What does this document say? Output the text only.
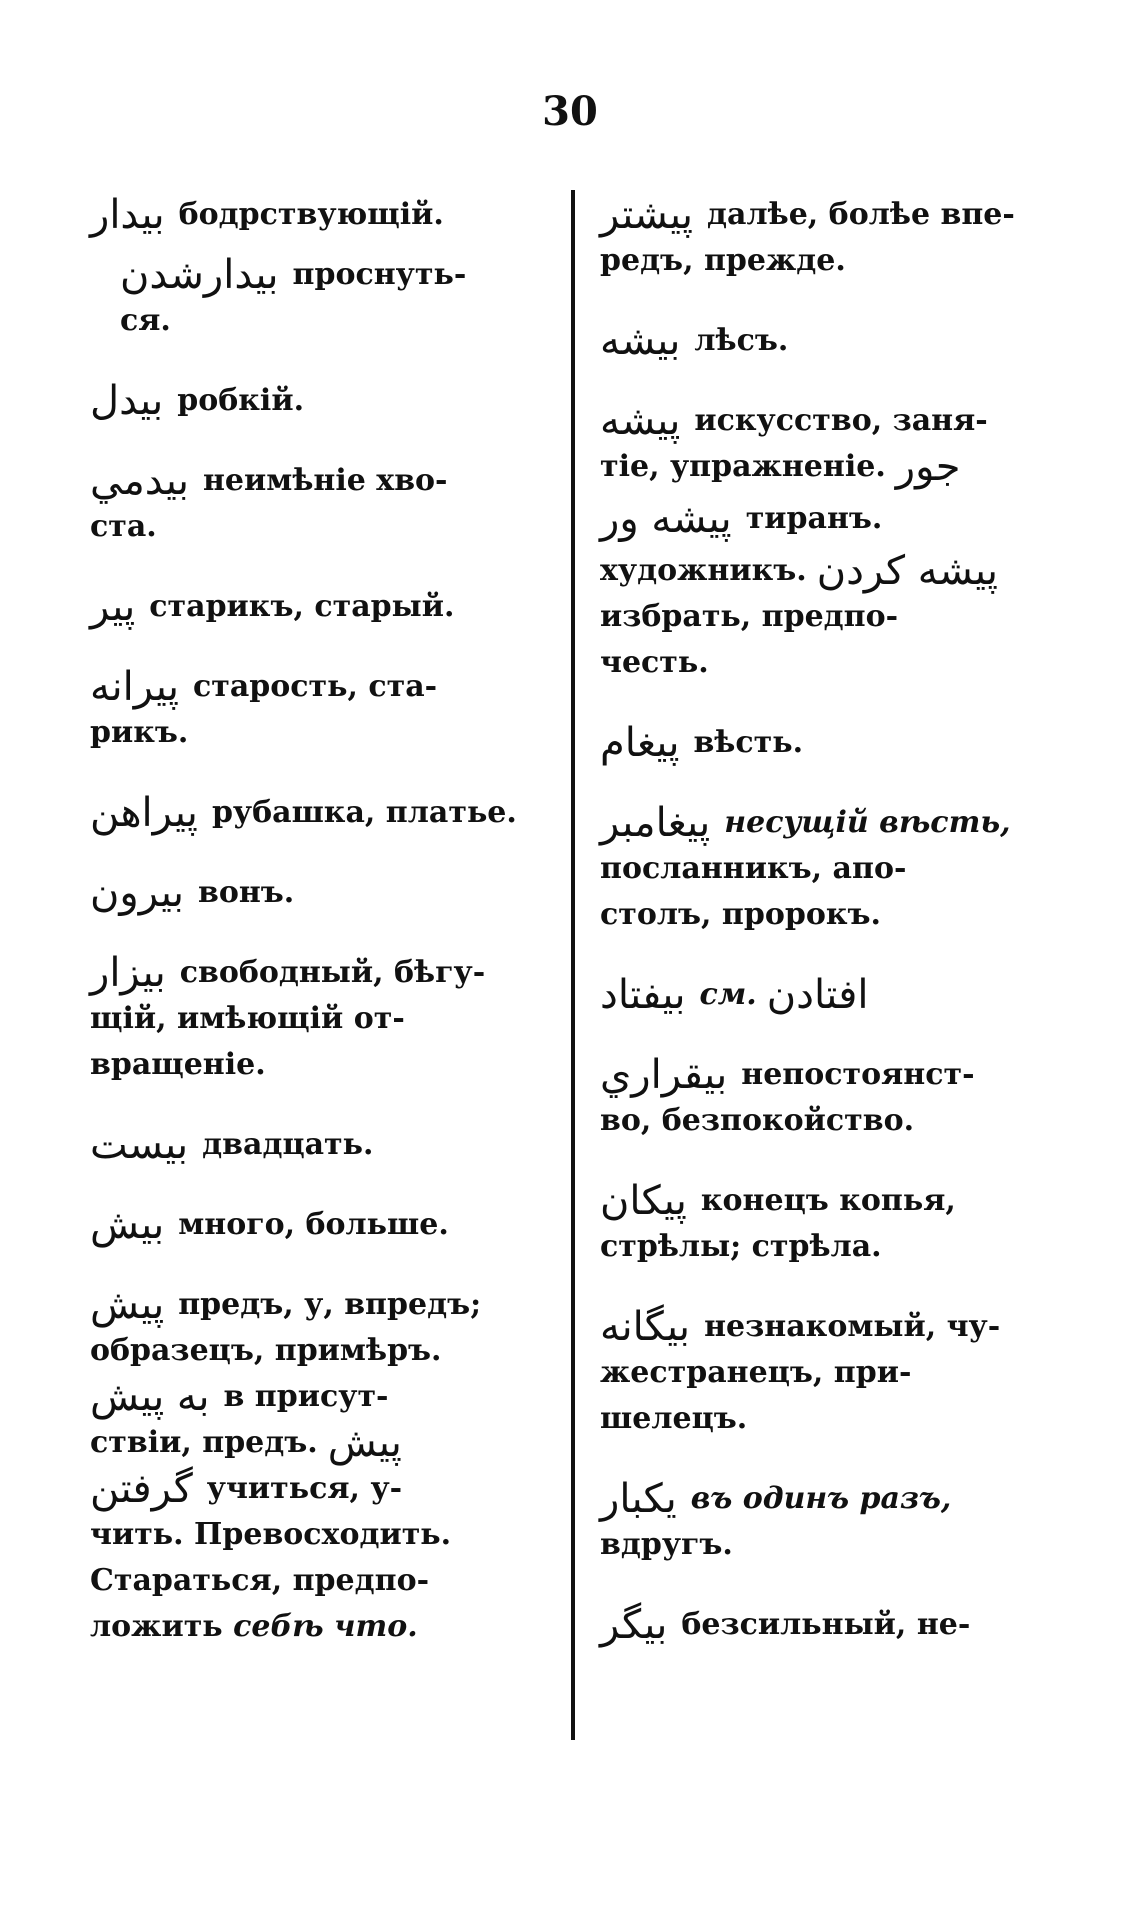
30
بيدار бодрствующій.
بيدارشدن проснуть-
ся.
بيدل робкій.
بيدمي неимѣніе хво-
ста.
پير старикъ, старый.
پيرانه старость, ста-
рикъ.
پيراهن рубашка, платье.
بيرون вонъ.
بيزار свободный, бѣгу-
щій, имѣющій от-
вращеніе.
بيست двадцать.
بيش много, больше.
پيش предъ, у, впредъ;
образецъ, примѣръ.
به پيش в присут-
ствіи, предъ. پيش
گرفتن учиться, у-
чить. Превосходить.
Стараться, предпо-
ложить себѣ что.
پيشتر далѣе, болѣе впе-
редъ, прежде.
بيشه лѣсъ.
پيشه искусство, заня-
тіе, упражненіе. جور
پيشه ور тиранъ.
художникъ. پيشه كردن
избрать, предпо-
честь.
پيغام вѣсть.
پيغامبر несущій вѣсть,
посланникъ, апо-
столъ, пророкъ.
بيفتاد см. افتادن
بيقراري непостоянст-
во, безпокойство.
پيكان конецъ копья,
стрѣлы; стрѣла.
بيگانه незнакомый, чу-
жестранецъ, при-
шелецъ.
يكبار въ одинъ разъ,
вдругъ.
بيگر безсильный, не-
